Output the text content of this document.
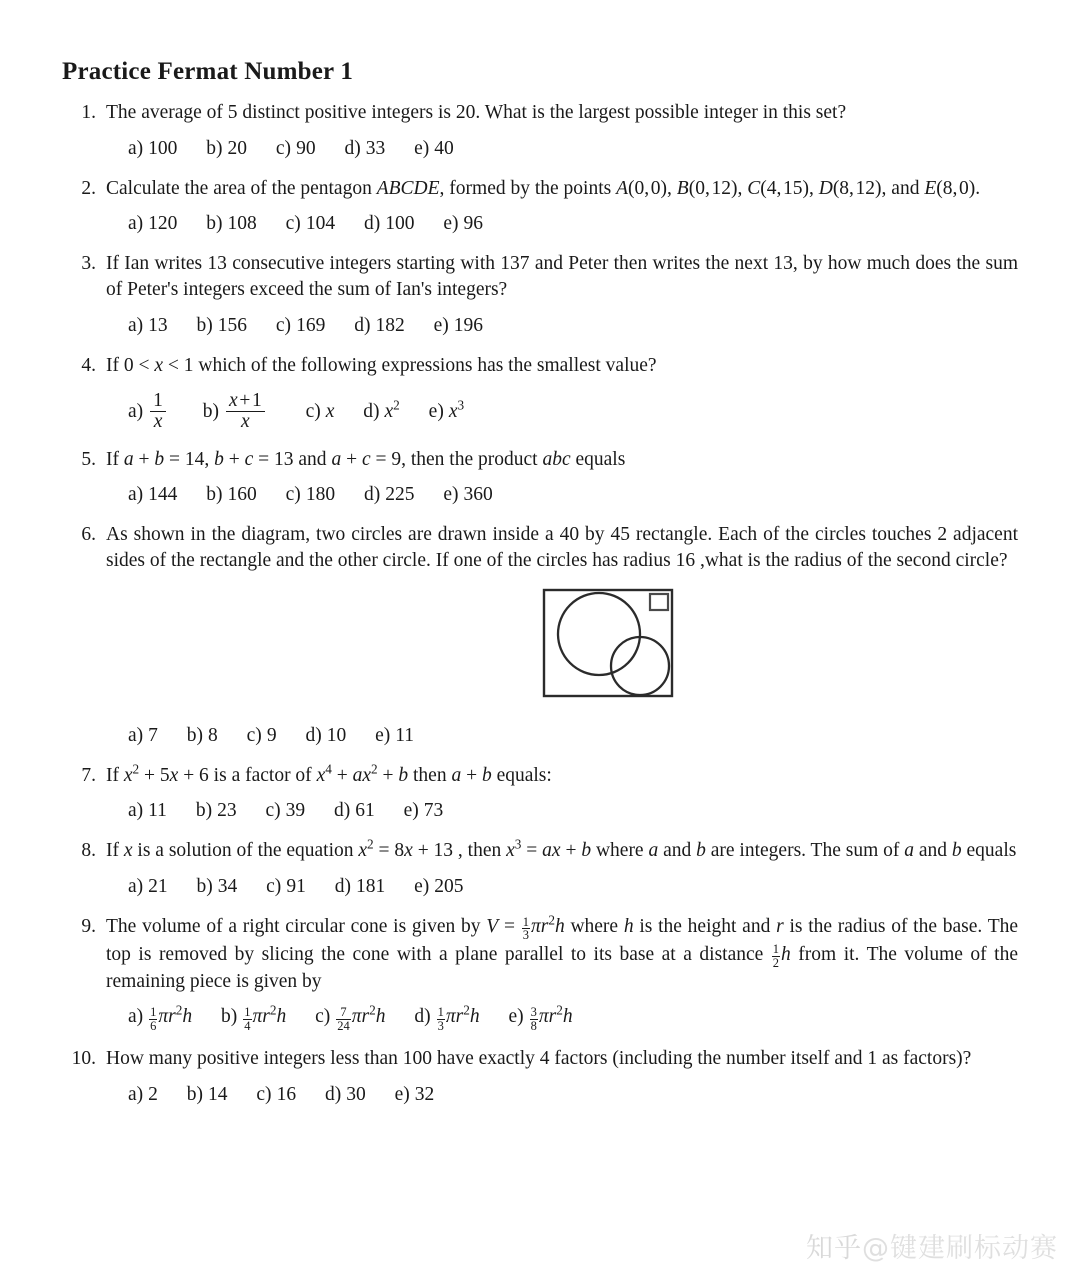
Practice Fermat Number 1
1. The average of 5 distinct positive integers is 20. What is the largest possible integer in this set?
a) 100 b) 20 c) 90 d) 33 e) 40
2. Calculate the area of the pentagon ABCDE, formed by the points A(0, 0), B(0, 12), C(4, 15), D(8, 12), and E(8, 0).
a) 120 b) 108 c) 104 d) 100 e) 96
3. If Ian writes 13 consecutive integers starting with 137 and Peter then writes the next 13, by how much does the sum of Peter's integers exceed the sum of Ian's integers?
a) 13 b) 156 c) 169 d) 182 e) 196
4. If 0 < x < 1 which of the following expressions has the smallest value?
$a) \frac{1}{x} b) \frac{x + 1}{x} c$) x d) $x^2$ e) $x^3$
5. If a + b = 14, b + c = 13 and a + c = 9, then the product abc equals
a) 144 b) 160 c) 180 d) 225 e) 360
6. As shown in the diagram, two circles are drawn inside a 40 by 45 rectangle. Each of the circles touches 2 adjacent sides of the rectangle and the other circle. If one of the circles has radius 16 ,what is the radius of the second circle?
a) 7 b) 8 c) 9 d) 10 e) 11
7. If $x^2 + 5x + 6$ is a factor of $x^4 + ax^2 + b$ then a + b equals:
a) 11 b) 23 c) 39 d) 61 e) 73
8. If x is a solution of the equation $x^2 = 8x + 13$ , then $x^3$ = ax + b where a and b are integers. The sum of a and b equals
a) 21 b) 34 c) 91 d) 181 e) 205
9. The volume of a right circular cone is given by $V = \frac{1}{3} \pi r^2h$ where h is the height and r is the radius of the base. The top is removed by slicing the cone with a plane parallel to its base at a distance $\frac{1}{2}$ h from it. The volume of the remaining piece is given by
$a) \frac{1}{6} \pi r^2h$ $b) \frac{1}{4} \pi r^2h$ $c) \frac{7}{24} \pi r^2h$ $d) \frac{1}{3} \pi r^2h$ $e) \frac{3}{8} \pi r^2h$
10. How many positive integers less than 100 have exactly 4 factors (including the number itself and 1 as factors)?
a) 2 b) 14 c) 16 d) 30 e) 32
知乎@键建刷标动赛
